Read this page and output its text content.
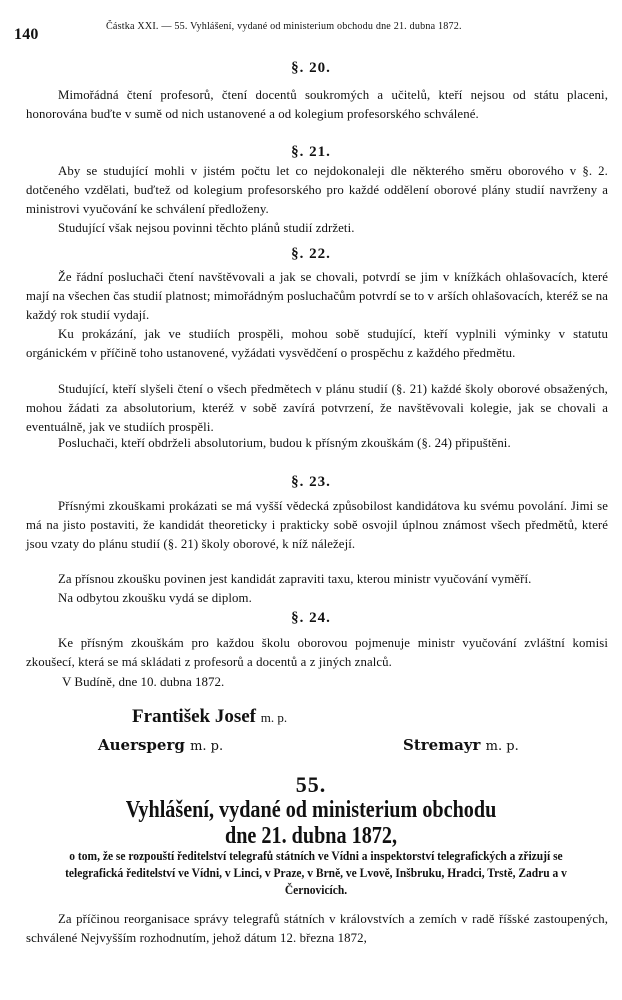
140	Částka XXI. — 55. Vyhlášení, vydané od ministerium obchodu dne 21. dubna 1872.
§. 20.
Mimořádná čtení profesorů, čtení docentů soukromých a učitelů, kteří nejsou od státu placeni, honorována buďte v sumě od nich ustanovené a od kolegium profesorského schválené.
§. 21.
Aby se studující mohli v jistém počtu let co nejdokonaleji dle některého směru oborového v §. 2. dotčeného vzdělati, buďtež od kolegium profesorského pro každé oddělení oborové plány studií navrženy a ministrovi vyučování ke schválení předloženy.
Studující však nejsou povinni těchto plánů studií zdržeti.
§. 22.
Že řádní posluchači čtení navštěvovali a jak se chovali, potvrdí se jim v knížkách ohlašovacích, které mají na všechen čas studií platnost; mimořádným posluchačům potvrdí se to v arších ohlašovacích, kteréž se na každý rok studií vydají.
Ku prokázání, jak ve studiích prospěli, mohou sobě studující, kteří vyplnili výminky v statutu orgánickém v příčině toho ustanovené, vyžádati vysvědčení o prospěchu z každého předmětu.
Studující, kteří slyšeli čtení o všech předmětech v plánu studií (§. 21) každé školy oborové obsažených, mohou žádati za absolutorium, kteréž v sobě zavírá potvrzení, že navštěvovali kolegie, jak se chovali a eventuálně, jak ve studiích prospěli.
Posluchači, kteří obdrželi absolutorium, budou k přísným zkouškám (§. 24) připuštěni.
§. 23.
Přísnými zkouškami prokázati se má vyšší vědecká způsobilost kandidátova ku svému povolání. Jimi se má na jisto postaviti, že kandidát theoreticky i prakticky sobě osvojil úplnou známost všech předmětů, které jsou vzaty do plánu studií (§. 21) školy oborové, k níž náležejí.
Za přísnou zkoušku povinen jest kandidát zapraviti taxu, kterou ministr vyučování vyměří.
Na odbytou zkoušku vydá se diplom.
§. 24.
Ke přísným zkouškám pro každou školu oborovou pojmenuje ministr vyučování zvláštní komisi zkoušecí, která se má skládati z profesorů a docentů a z jiných znalců.
V Budíně, dne 10. dubna 1872.
František Josef m. p.
Auersperg m. p.	Stremayr m. p.
55.
Vyhlášení, vydané od ministerium obchodu
dne 21. dubna 1872,
o tom, že se rozpouští ředitelství telegrafů státních ve Vídni a inspektorství telegrafických a zřizují se telegrafická ředitelství ve Vídni, v Linci, v Praze, v Brně, ve Lvově, Inšbruku, Hradci, Trstě, Zadru a v Černovicích.
Za příčinou reorganisace správy telegrafů státních v královstvích a zemích v radě říšské zastoupených, schválené Nejvyšším rozhodnutím, jehož dátum 12. března 1872,
